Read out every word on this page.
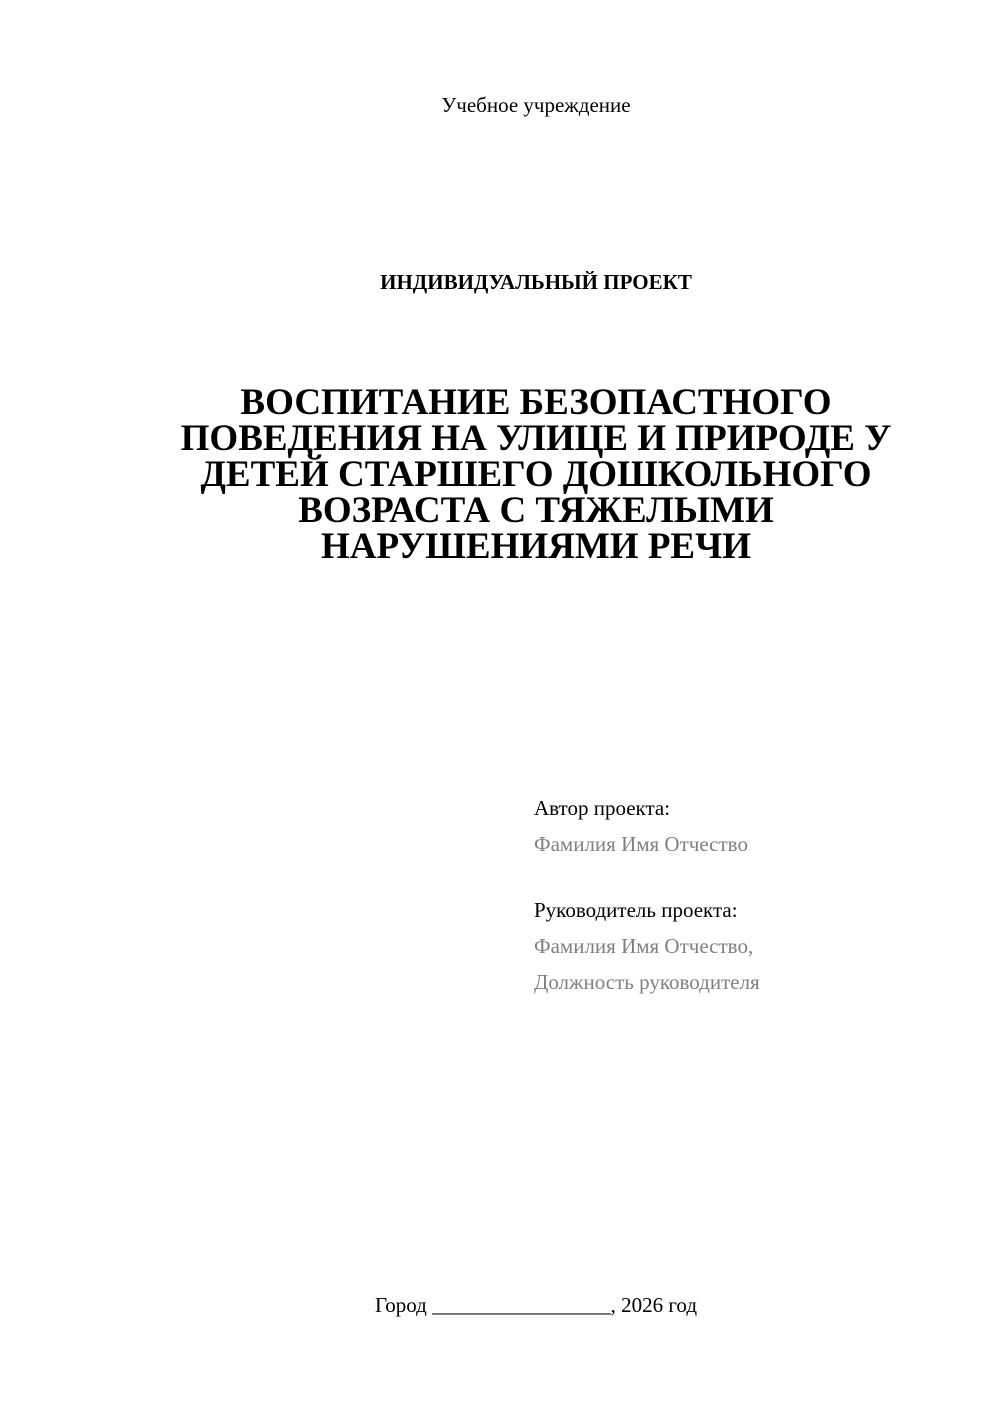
Учебное учреждение
ИНДИВИДУАЛЬНЫЙ ПРОЕКТ
ВОСПИТАНИЕ БЕЗОПАСТНОГО
ПОВЕДЕНИЯ НА УЛИЦЕ И ПРИРОДЕ У
ДЕТЕЙ СТАРШЕГО ДОШКОЛЬНОГО
ВОЗРАСТА С ТЯЖЕЛЫМИ
НАРУШЕНИЯМИ РЕЧИ
Автор проекта:
Фамилия Имя Отчество
Руководитель проекта:
Фамилия Имя Отчество,
Должность руководителя
Город _________________, 2026 год
